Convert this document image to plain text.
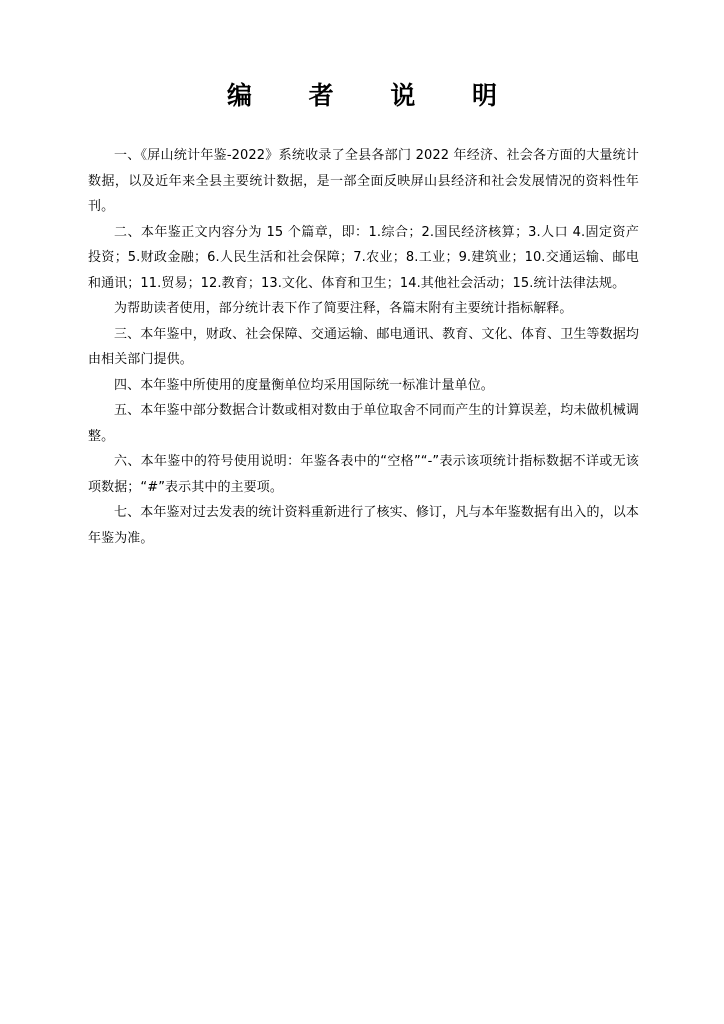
编 者 说 明

一、《屏山统计年鉴-2022》系统收录了全县各部门 2022 年经济、社会各方面的大量统计数据，以及近年来全县主要统计数据，是一部全面反映屏山县经济和社会发展情况的资料性年刊。

二、本年鉴正文内容分为 15 个篇章，即：1.综合；2.国民经济核算；3.人口 4.固定资产投资；5.财政金融；6.人民生活和社会保障；7.农业；8.工业；9.建筑业；10.交通运输、邮电和通讯；11.贸易；12.教育；13.文化、体育和卫生；14.其他社会活动；15.统计法律法规。

为帮助读者使用，部分统计表下作了简要注释，各篇末附有主要统计指标解释。

三、本年鉴中，财政、社会保障、交通运输、邮电通讯、教育、文化、体育、卫生等数据均由相关部门提供。

四、本年鉴中所使用的度量衡单位均采用国际统一标准计量单位。

五、本年鉴中部分数据合计数或相对数由于单位取舍不同而产生的计算误差，均未做机械调整。

六、本年鉴中的符号使用说明：年鉴各表中的“空格”“-”表示该项统计指标数据不详或无该项数据；“#”表示其中的主要项。

七、本年鉴对过去发表的统计资料重新进行了核实、修订，凡与本年鉴数据有出入的，以本年鉴为准。
